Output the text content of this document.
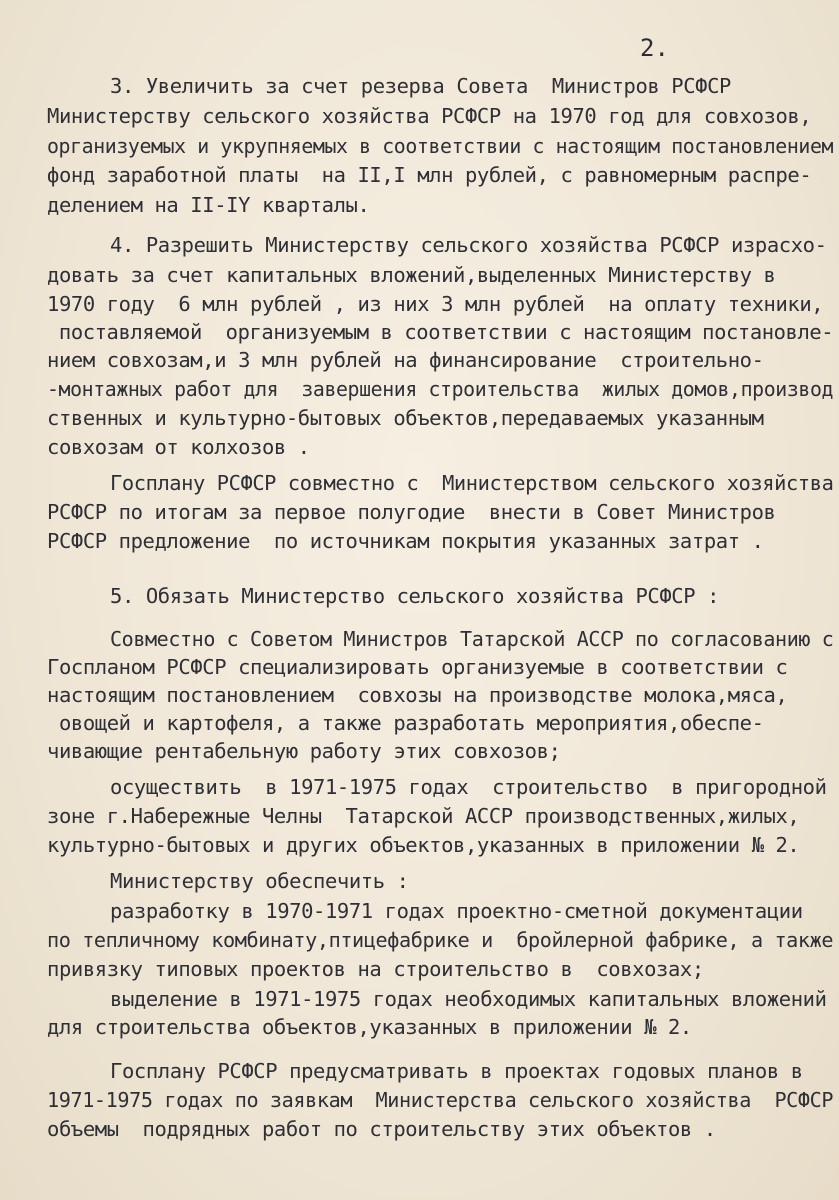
2.
3. Увеличить за счет резерва Совета  Министров РСФСР
Министерству сельского хозяйства РСФСР на 1970 год для совхозов,
организуемых и укрупняемых в соответствии с настоящим постановлением
фонд заработной платы  на II,I млн рублей, с равномерным распре-
делением на II-IY кварталы.
4. Разрешить Министерству сельского хозяйства РСФСР израсхо-
довать за счет капитальных вложений,выделенных Министерству в
1970 году  6 млн рублей , из них 3 млн рублей  на оплату техники,
поставляемой  организуемым в соответствии с настоящим постановле-
нием совхозам,и 3 млн рублей на финансирование  строительно-
-монтажных работ для  завершения строительства  жилых домов,производ
ственных и культурно-бытовых объектов,передаваемых указанным
совхозам от колхозов .
Госплану РСФСР совместно с  Министерством сельского хозяйства
РСФСР по итогам за первое полугодие  внести в Совет Министров
РСФСР предложение  по источникам покрытия указанных затрат .
5. Обязать Министерство сельского хозяйства РСФСР :
Совместно с Советом Министров Татарской АССР по согласованию с
Госпланом РСФСР специализировать организуемые в соответствии с
настоящим постановлением  совхозы на производстве молока,мяса,
овощей и картофеля, а также разработать мероприятия,обеспе-
чивающие рентабельную работу этих совхозов;
осуществить  в 1971-1975 годах  строительство  в пригородной
зоне г.Набережные Челны  Татарской АССР производственных,жилых,
культурно-бытовых и других объектов,указанных в приложении № 2.
Министерству обеспечить :
разработку в 1970-1971 годах проектно-сметной документации
по тепличному комбинату,птицефабрике и  бройлерной фабрике, а также
привязку типовых проектов на строительство в  совхозах;
выделение в 1971-1975 годах необходимых капитальных вложений
для строительства объектов,указанных в приложении № 2.
Госплану РСФСР предусматривать в проектах годовых планов в
1971-1975 годах по заявкам  Министерства сельского хозяйства  РСФСР
объемы  подрядных работ по строительству этих объектов .
